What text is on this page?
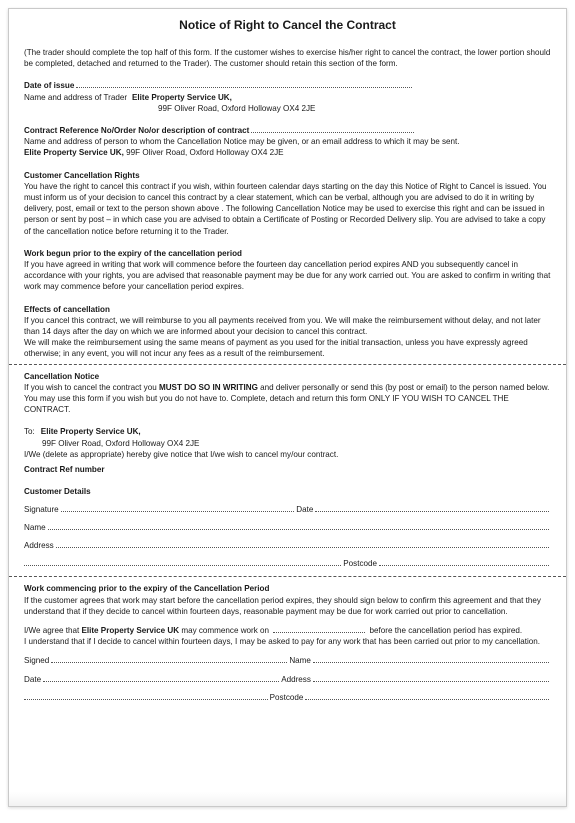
Notice of Right to Cancel the Contract

(The trader should complete the top half of this form. If the customer wishes to exercise his/her right to cancel the contract, the lower portion should be completed, detached and returned to the Trader). The customer should retain this section of the form.

Date of issue
Name and address of Trader Elite Property Service UK,

99F Oliver Road, Oxford Holloway OX4 2JE

Contract Reference No/Order No/or description of contract

Name and address of person to whom the Cancellation Notice may be given, or an email address to which it may be sent.

Elite Property Service UK, 99F Oliver Road, Oxford Holloway OX4 2JE

Customer Cancellation Rights

You have the right to cancel this contract if you wish, within fourteen calendar days starting on the day this Notice of Right to Cancel is issued. You must inform us of your decision to cancel this contract by a clear statement, which can be verbal, although you are advised to do it in writing by delivery, post, email or text to the person shown above . The following Cancellation Notice may be used to exercise this right and can be issued in person or sent by post – in which case you are advised to obtain a Certificate of Posting or Recorded Delivery slip. You are advised to take a copy of the cancellation notice before returning it to the Trader.

Work begun prior to the expiry of the cancellation period

If you have agreed in writing that work will commence before the fourteen day cancellation period expires AND you subsequently cancel in accordance with your rights, you are advised that reasonable payment may be due for any work carried out. You are asked to confirm in writing that work may commence before your cancellation period expires.

Effects of cancellation

If you cancel this contract, we will reimburse to you all payments received from you. We will make the reimbursement without delay, and not later than 14 days after the day on which we are informed about your decision to cancel this contract.

We will make the reimbursement using the same means of payment as you used for the initial transaction, unless you have expressly agreed otherwise; in any event, you will not incur any fees as a result of the reimbursement.

Cancellation Notice

If you wish to cancel the contract you MUST DO SO IN WRITING and deliver personally or send this (by post or email) to the person named below. You may use this form if you wish but you do not have to. Complete, detach and return this form ONLY IF YOU WISH TO CANCEL THE CONTRACT.

To: Elite Property Service UK,

99F Oliver Road, Oxford Holloway OX4 2JE

I/We (delete as appropriate) hereby give notice that I/we wish to cancel my/our contract.

Contract Ref number

Customer Details

Signature	Date
Name
Address
Postcode

Work commencing prior to the expiry of the Cancellation Period

If the customer agrees that work may start before the cancellation period expires, they should sign below to confirm this agreement and that they understand that if they decide to cancel within fourteen days, reasonable payment may be due for work carried out prior to cancellation.

I/We agree that Elite Property Service UK may commence work on	before the cancellation period has expired.

I understand that if I decide to cancel within fourteen days, I may be asked to pay for any work that has been carried out prior to my cancellation.

Signed	Name
Date	Address
Postcode
